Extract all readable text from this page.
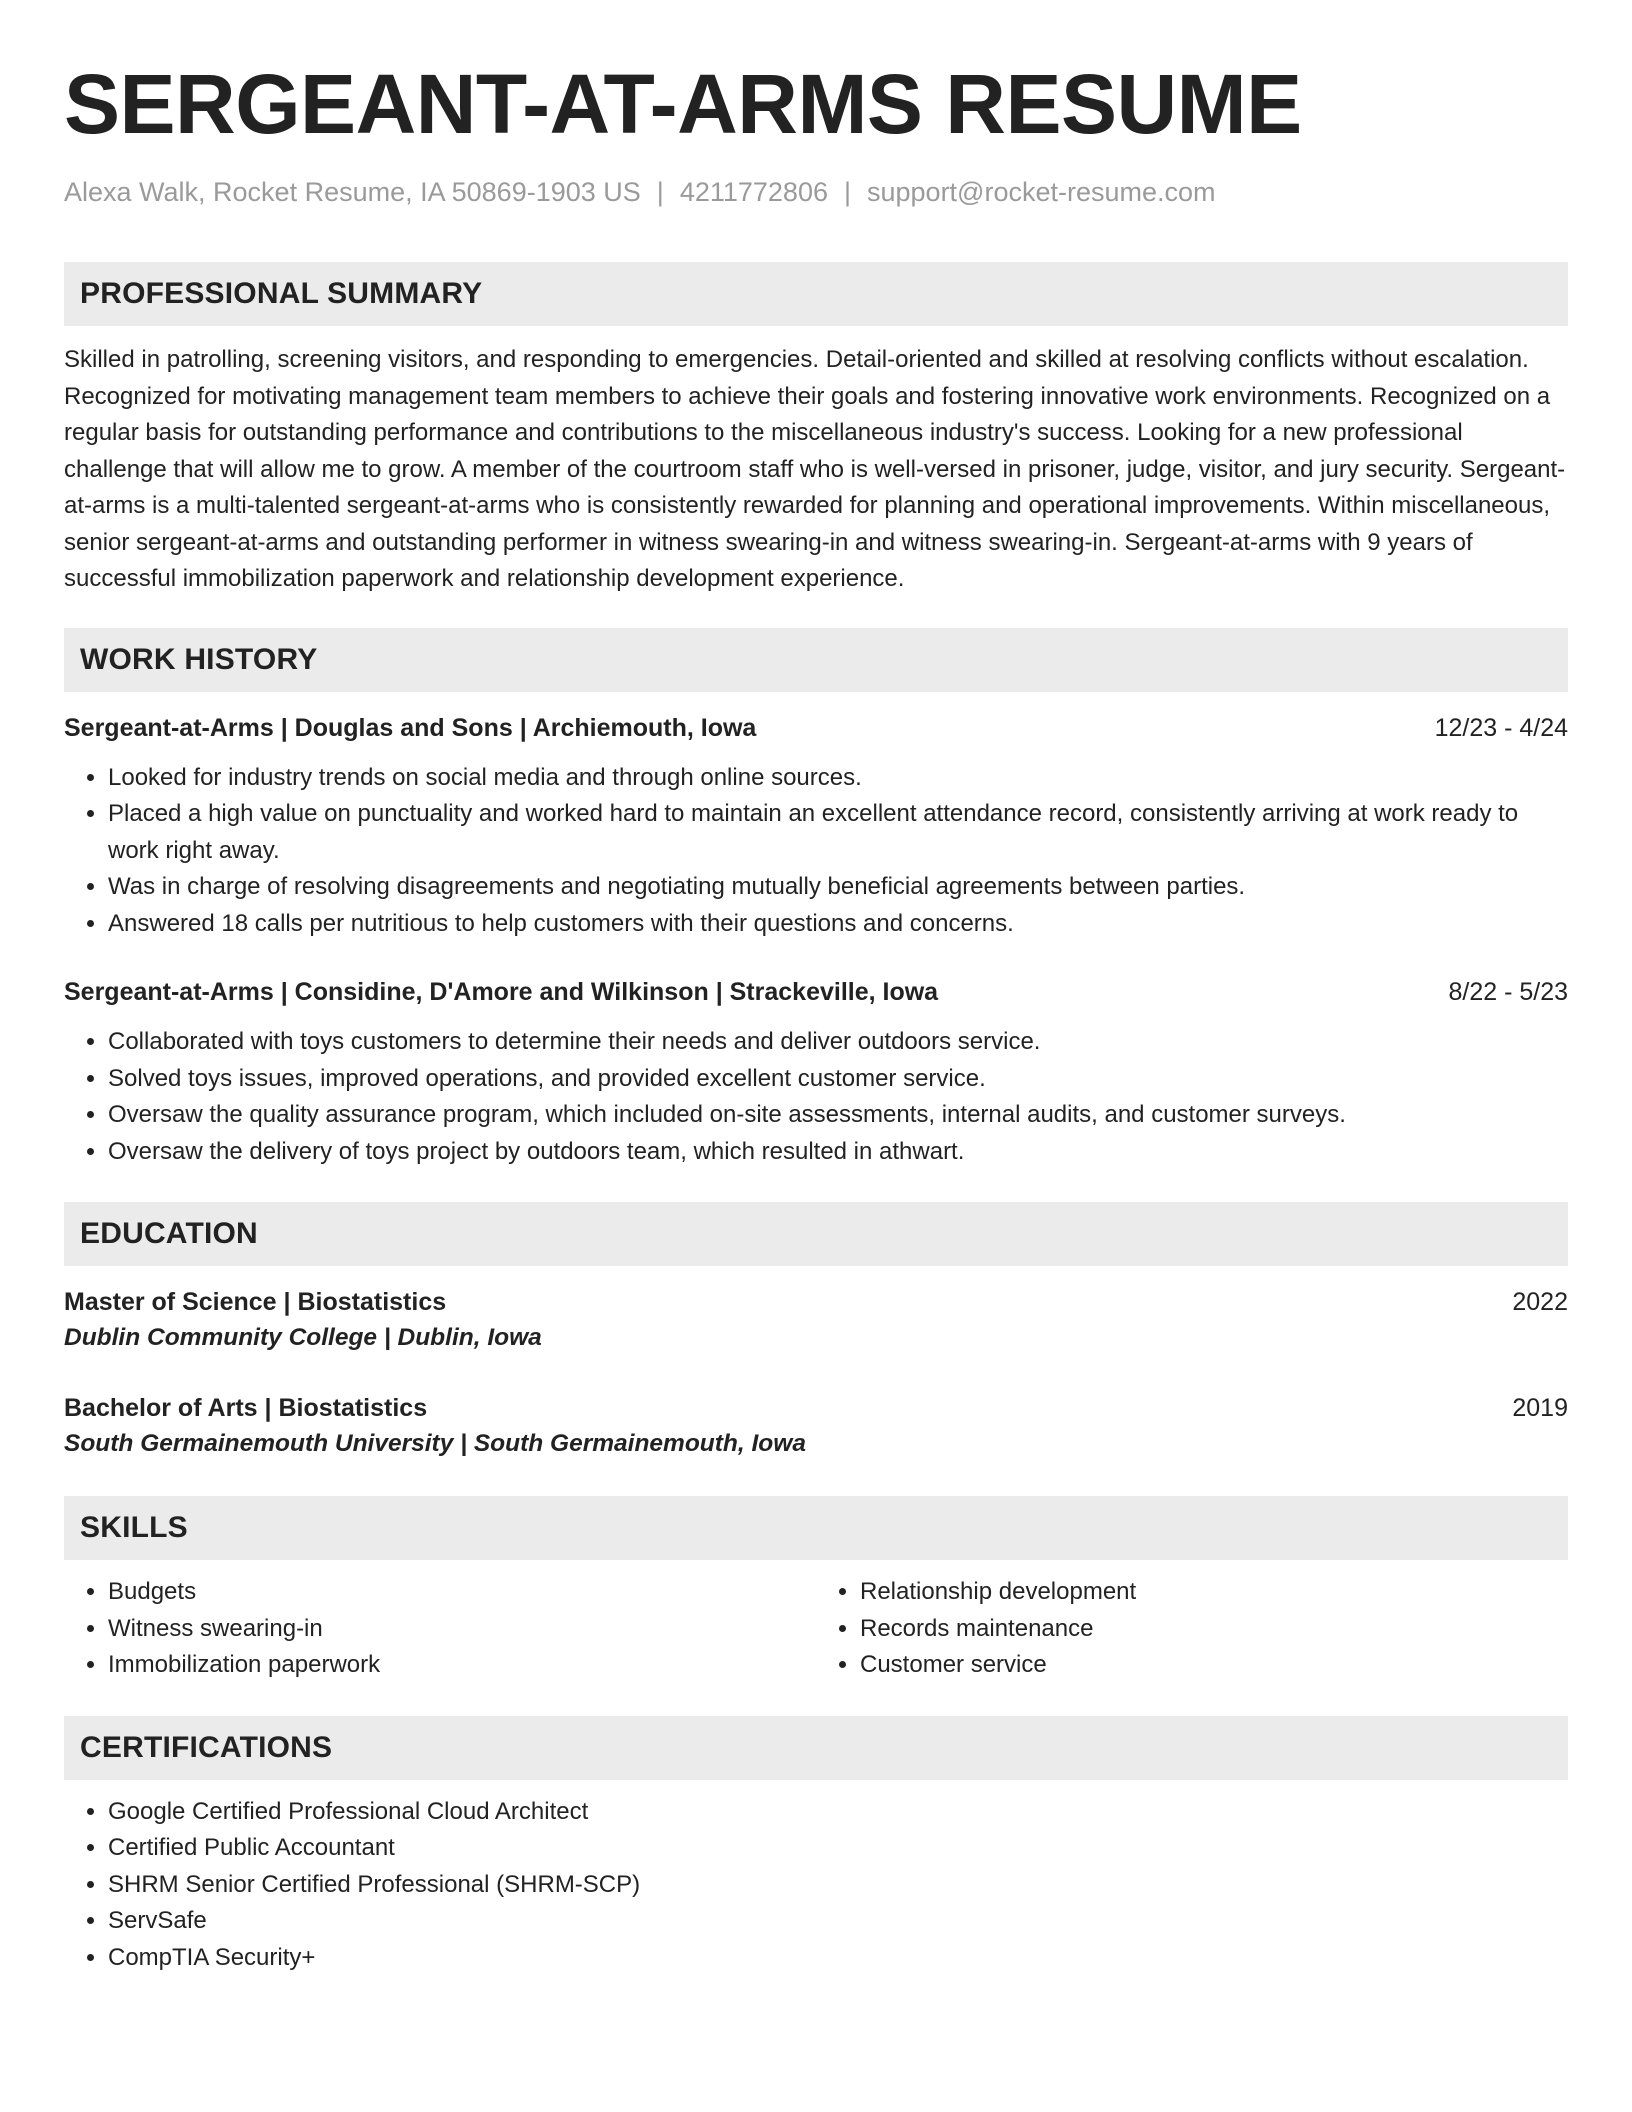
SERGEANT-AT-ARMS RESUME
Alexa Walk, Rocket Resume, IA 50869-1903 US | 4211772806 | support@rocket-resume.com
PROFESSIONAL SUMMARY

Skilled in patrolling, screening visitors, and responding to emergencies. Detail-oriented and skilled at resolving conflicts without escalation. Recognized for motivating management team members to achieve their goals and fostering innovative work environments. Recognized on a regular basis for outstanding performance and contributions to the miscellaneous industry's success. Looking for a new professional challenge that will allow me to grow. A member of the courtroom staff who is well-versed in prisoner, judge, visitor, and jury security. Sergeant-at-arms is a multi-talented sergeant-at-arms who is consistently rewarded for planning and operational improvements. Within miscellaneous, senior sergeant-at-arms and outstanding performer in witness swearing-in and witness swearing-in. Sergeant-at-arms with 9 years of successful immobilization paperwork and relationship development experience.

WORK HISTORY
Sergeant-at-Arms | Douglas and Sons | Archiemouth, Iowa	12/23 - 4/24
• Looked for industry trends on social media and through online sources.
• Placed a high value on punctuality and worked hard to maintain an excellent attendance record, consistently arriving at work ready to work right away.
• Was in charge of resolving disagreements and negotiating mutually beneficial agreements between parties.
• Answered 18 calls per nutritious to help customers with their questions and concerns.
Sergeant-at-Arms | Considine, D'Amore and Wilkinson | Strackeville, Iowa	8/22 - 5/23
• Collaborated with toys customers to determine their needs and deliver outdoors service.
• Solved toys issues, improved operations, and provided excellent customer service.
• Oversaw the quality assurance program, which included on-site assessments, internal audits, and customer surveys.
• Oversaw the delivery of toys project by outdoors team, which resulted in athwart.
EDUCATION
Master of Science | Biostatistics	2022
Dublin Community College | Dublin, Iowa
Bachelor of Arts | Biostatistics	2019
South Germainemouth University | South Germainemouth, Iowa
SKILLS
• Budgets
• Witness swearing-in
• Immobilization paperwork
• Relationship development
• Records maintenance
• Customer service
CERTIFICATIONS
• Google Certified Professional Cloud Architect
• Certified Public Accountant
• SHRM Senior Certified Professional (SHRM-SCP)
• ServSafe
• CompTIA Security+
